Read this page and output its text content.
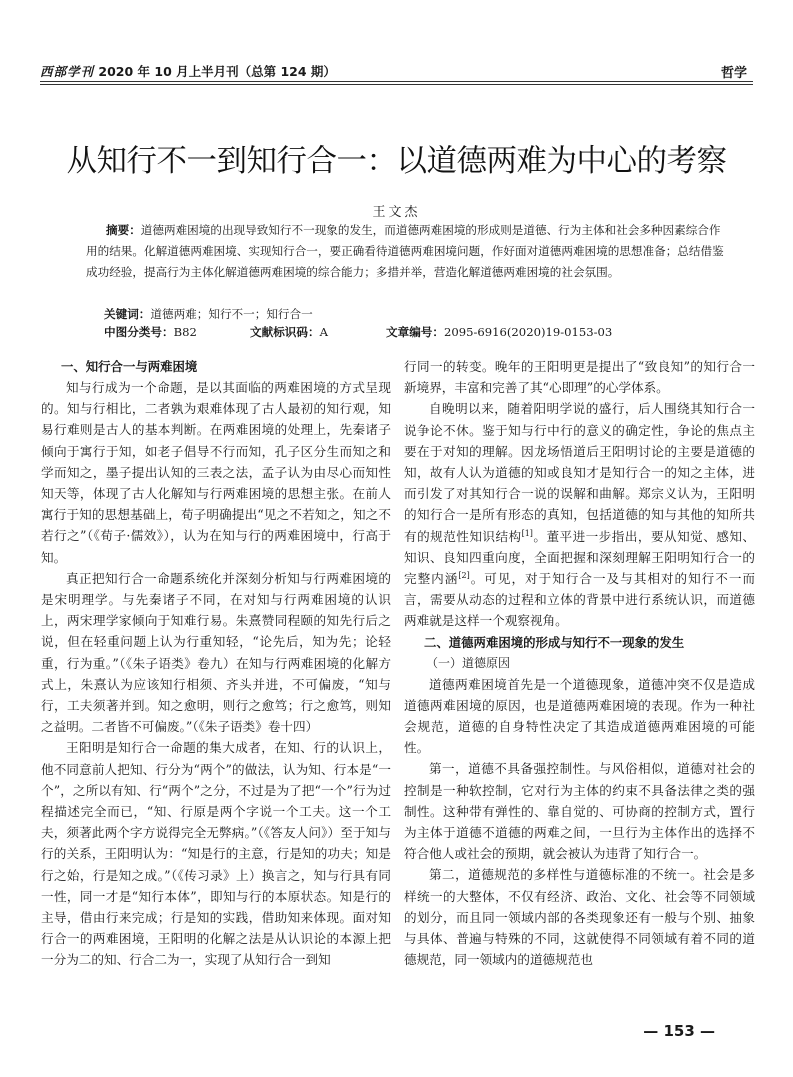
西部学刊 2020 年 10 月上半月刊（总第 124 期）	哲学
从知行不一到知行合一：以道德两难为中心的考察
王文杰
摘要：道德两难困境的出现导致知行不一现象的发生，而道德两难困境的形成则是道德、行为主体和社会多种因素综合作用的结果。化解道德两难困境、实现知行合一，要正确看待道德两难困境问题，作好面对道德两难困境的思想准备；总结借鉴成功经验，提高行为主体化解道德两难困境的综合能力；多措并举，营造化解道德两难困境的社会氛围。
关键词：道德两难；知行不一；知行合一
中图分类号：B82	文献标识码：A	文章编号：2095-6916(2020)19-0153-03
一、知行合一与两难困境

知与行成为一个命题，是以其面临的两难困境的方式呈现的。知与行相比，二者孰为艰难体现了古人最初的知行观，知易行难则是古人的基本判断。在两难困境的处理上，先秦诸子倾向于寓行于知，如老子倡导不行而知，孔子区分生而知之和学而知之，墨子提出认知的三表之法，孟子认为由尽心而知性知天等，体现了古人化解知与行两难困境的思想主张。在前人寓行于知的思想基础上，荀子明确提出“见之不若知之，知之不若行之”（《荀子·儒效》），认为在知与行的两难困境中，行高于知。

真正把知行合一命题系统化并深刻分析知与行两难困境的是宋明理学。与先秦诸子不同，在对知与行两难困境的认识上，两宋理学家倾向于知难行易。朱熹赞同程颐的知先行后之说，但在轻重问题上认为行重知轻，“论先后，知为先；论轻重，行为重。”（《朱子语类》卷九）在知与行两难困境的化解方式上，朱熹认为应该知行相须、齐头并进，不可偏废，“知与行，工夫须著并到。知之愈明，则行之愈笃；行之愈笃，则知之益明。二者皆不可偏废。”（《朱子语类》卷十四）

王阳明是知行合一命题的集大成者，在知、行的认识上，他不同意前人把知、行分为“两个”的做法，认为知、行本是“一个”，之所以有知、行“两个”之分，不过是为了把“一个”行为过程描述完全而已，“知、行原是两个字说一个工夫。这一个工夫，须著此两个字方说得完全无弊病。”（《答友人问》）至于知与行的关系，王阳明认为：“知是行的主意，行是知的功夫；知是行之始，行是知之成。”（《传习录》上）换言之，知与行具有同一性，同一才是“知行本体”，即知与行的本原状态。知是行的主导，借由行来完成；行是知的实践，借助知来体现。面对知行合一的两难困境，王阳明的化解之法是从认识论的本源上把一分为二的知、行合二为一，实现了从知行合一到知

行同一的转变。晚年的王阳明更是提出了“致良知”的知行合一新境界，丰富和完善了其“心即理”的心学体系。

自晚明以来，随着阳明学说的盛行，后人围绕其知行合一说争论不休。鉴于知与行中行的意义的确定性，争论的焦点主要在于对知的理解。因龙场悟道后王阳明讨论的主要是道德的知，故有人认为道德的知或良知才是知行合一的知之主体，进而引发了对其知行合一说的误解和曲解。郑宗义认为，王阳明的知行合一是所有形态的真知，包括道德的知与其他的知所共有的规范性知识结构[1]。董平进一步指出，要从知觉、感知、知识、良知四重向度，全面把握和深刻理解王阳明知行合一的完整内涵[2]。可见，对于知行合一及与其相对的知行不一而言，需要从动态的过程和立体的背景中进行系统认识，而道德两难就是这样一个观察视角。

二、道德两难困境的形成与知行不一现象的发生
（一）道德原因

道德两难困境首先是一个道德现象，道德冲突不仅是造成道德两难困境的原因，也是道德两难困境的表现。作为一种社会规范，道德的自身特性决定了其造成道德两难困境的可能性。

第一，道德不具备强控制性。与风俗相似，道德对社会的控制是一种软控制，它对行为主体的约束不具备法律之类的强制性。这种带有弹性的、靠自觉的、可协商的控制方式，置行为主体于道德不道德的两难之间，一旦行为主体作出的选择不符合他人或社会的预期，就会被认为违背了知行合一。

第二，道德规范的多样性与道德标准的不统一。社会是多样统一的大整体，不仅有经济、政治、文化、社会等不同领域的划分，而且同一领域内部的各类现象还有一般与个别、抽象与具体、普遍与特殊的不同，这就使得不同领域有着不同的道德规范，同一领域内的道德规范也

— 153 —
